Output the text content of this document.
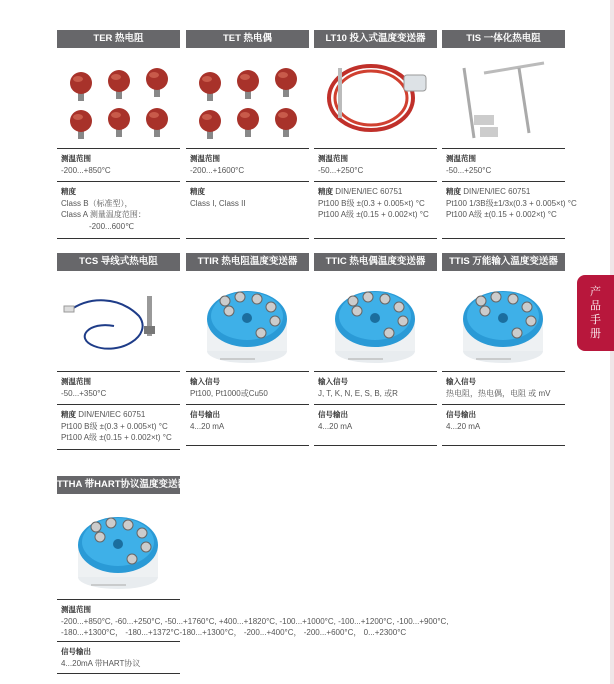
产
品
手
册
TER 热电阻
测温范围
-200...+850°C
精度
Class B（标准型），
Class A 测量温度范围：
-200...600℃
TET 热电偶
测温范围
-200...+1600°C
精度
Class I, Class II
LT10 投入式温度变送器
测温范围
-50...+250°C
精度 DIN/EN/IEC 60751
Pt100 B级 ±(0.3 + 0.005×t) °C
Pt100 A级 ±(0.15 + 0.002×t) °C
TIS 一体化热电阻
测温范围
-50...+250°C
精度 DIN/EN/IEC 60751
Pt100 1/3B级±1/3x(0.3 + 0.005×t) °C
Pt100 A级 ±(0.15 + 0.002×t) °C
TCS 导线式热电阻
测温范围
-50...+350°C
精度 DIN/EN/IEC 60751
Pt100 B级 ±(0.3 + 0.005×t) °C
Pt100 A级 ±(0.15 + 0.002×t) °C
TTIR 热电阻温度变送器
输入信号
Pt100, Pt1000或Cu50
信号输出
4...20 mA
TTIC 热电偶温度变送器
输入信号
J, T, K, N, E, S, B, 或R
信号输出
4...20 mA
TTIS 万能输入温度变送器
输入信号
热电阻，热电偶，电阻 或 mV
信号输出
4...20 mA
TTHA 带HART协议温度变送器
测温范围
-200...+850°C, -60...+250°C, -50...+1760°C, +400...+1820°C, -100...+1000°C, -100...+1200°C, -100...+900°C,
-180...+1300°C， -180...+1372°C-180...+1300°C， -200...+400°C， -200...+600°C， 0...+2300°C
信号输出
4...20mA 带HART协议
